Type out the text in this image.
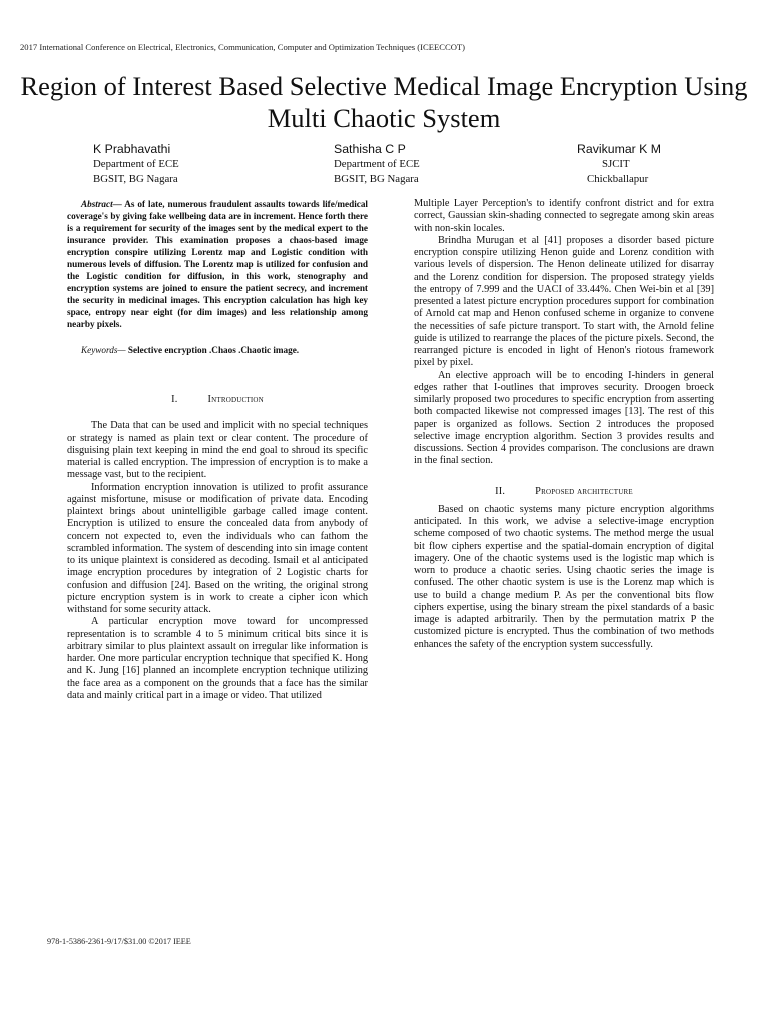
2017 International Conference on Electrical, Electronics, Communication, Computer and Optimization Techniques (ICEECCOT)
Region of Interest Based Selective Medical Image Encryption Using Multi Chaotic System
K Prabhavathi
Department of ECE
BGSIT, BG Nagara
Sathisha C P
Department of ECE
BGSIT, BG Nagara
Ravikumar K M
SJCIT
Chickballapur

Abstract— As of late, numerous fraudulent assaults towards life/medical coverage's by giving fake wellbeing data are in increment. Hence forth there is a requirement for security of the images sent by the medical expert to the insurance provider. This examination proposes a chaos-based image encryption conspire utilizing Lorentz map and Logistic condition with numerous levels of diffusion. The Lorentz map is utilized for confusion and the Logistic condition for diffusion, in this work, stenography and encryption systems are joined to ensure the patient secrecy, and increment the security in medicinal images. This encryption calculation has high key space, entropy near eight (for dim images) and less relationship among nearby pixels.

Keywords— Selective encryption .Chaos .Chaotic image.

I.	Introduction

The Data that can be used and implicit with no special techniques or strategy is named as plain text or clear content. The procedure of disguising plain text keeping in mind the end goal to shroud its specific material is called encryption. The impression of encryption is to make a message vast, but to the recipient.

Information encryption innovation is utilized to profit assurance against misfortune, misuse or modification of private data. Encoding plaintext brings about unintelligible garbage called image content. Encryption is utilized to ensure the concealed data from anybody of concern not expected to, even the individuals who can fathom the scrambled information. The system of descending into sin image content to its unique plaintext is considered as decoding. Ismail et al anticipated image encryption procedures by integration of 2 Logistic charts for confusion and diffusion [24]. Based on the writing, the original strong picture encryption system is in work to create a cipher icon which withstand for some security attack.

A particular encryption move toward for uncompressed representation is to scramble 4 to 5 minimum critical bits since it is arbitrary similar to plus plaintext assault on irregular like information is harder. One more particular encryption technique that specified K. Hong and K. Jung [16] planned an incomplete encryption technique utilizing the face area as a component on the grounds that a face has the similar data and mainly critical part in a image or video. That utilized

Multiple Layer Perception's to identify confront district and for extra correct, Gaussian skin-shading connected to segregate among skin areas with non-skin locales.

Brindha Murugan et al [41] proposes a disorder based picture encryption conspire utilizing Henon guide and Lorenz condition with various levels of dispersion. The Henon delineate utilized for disarray and the Lorenz condition for dispersion. The proposed strategy yields the entropy of 7.999 and the UACI of 33.44%. Chen Wei-bin et al [39] presented a latest picture encryption procedures support for combination of Arnold cat map and Henon confused scheme in organize to convene the necessities of safe picture transport. To start with, the Arnold feline guide is utilized to rearrange the places of the picture pixels. Second, the rearranged picture is encoded in light of Henon's riotous framework pixel by pixel.

An elective approach will be to encoding I-hinders in general edges rather that I-outlines that improves security. Droogen broeck similarly proposed two procedures to specific encryption from asserting both compacted likewise not compressed images [13]. The rest of this paper is organized as follows. Section 2 introduces the proposed selective image encryption algorithm. Section 3 provides results and discussions. Section 4 provides comparison. The conclusions are drawn in the final section.

II.	Proposed architecture

Based on chaotic systems many picture encryption algorithms anticipated. In this work, we advise a selective-image encryption scheme composed of two chaotic systems. The method merge the usual bit flow ciphers expertise and the spatial-domain encryption of digital imagery. One of the chaotic systems used is the logistic map which is worn to produce a chaotic series. Using chaotic series the image is confused. The other chaotic system is use is the Lorenz map which is use to build a change medium P. As per the conventional bits flow ciphers expertise, using the binary stream the pixel standards of a basic image is adapted arbitrarily. Then by the permutation matrix P the customized picture is encrypted. Thus the combination of two methods enhances the safety of the encryption system successfully.

978-1-5386-2361-9/17/$31.00 ©2017 IEEE
